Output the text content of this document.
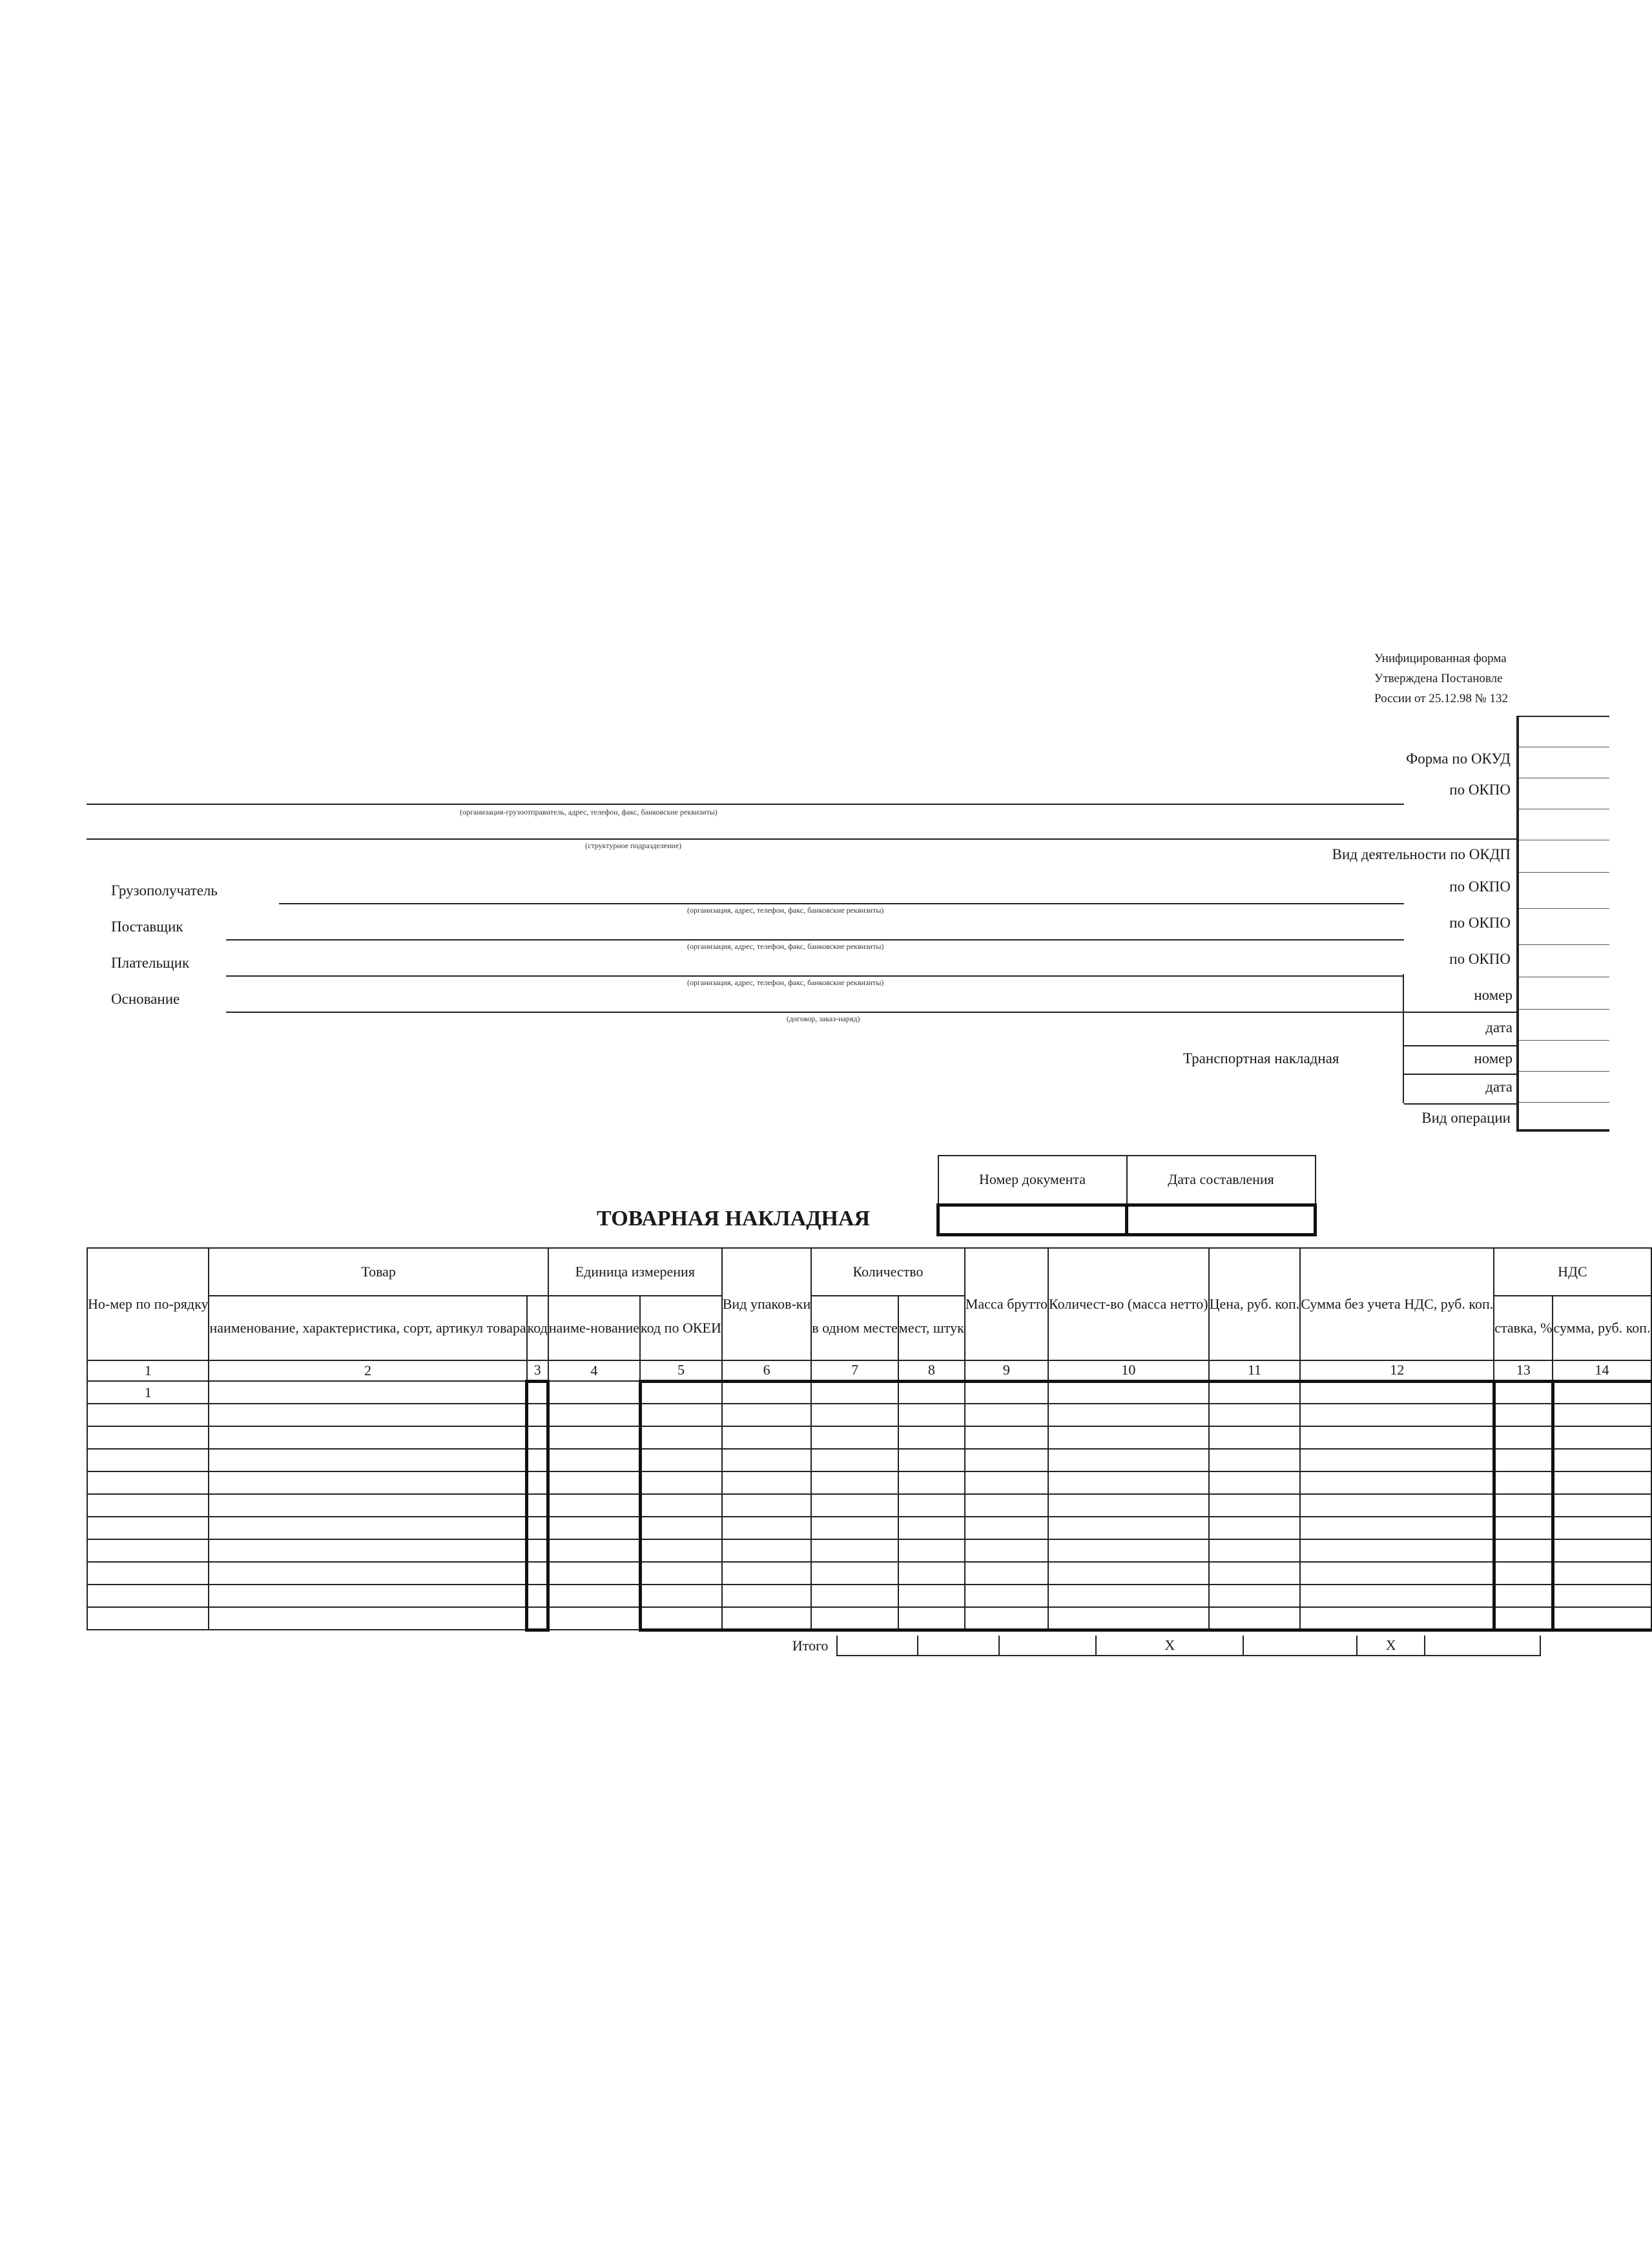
Унифицированная форма
Утверждена Постановле
России от 25.12.98 № 132
Форма по ОКУД
по ОКПО
Вид деятельности по ОКДП
по ОКПО
по ОКПО
по ОКПО
номер
дата
номер
дата
Транспортная накладная
Вид операции
(организация-грузоотправитель, адрес, телефон, факс, банковские реквизиты)
(структурное подразделение)
Грузополучатель
(организация, адрес, телефон, факс, банковские реквизиты)
Поставщик
(организация, адрес, телефон, факс, банковские реквизиты)
Плательщик
(организация, адрес, телефон, факс, банковские реквизиты)
Основание
(договор, заказ-наряд)
Номер документа	Дата составления

ТОВАРНАЯ НАКЛАДНАЯ
Но-мер по по-рядку	Товар		Единица измерения		Вид упаков-ки	Количество		Масса брутто	Количест-во (масса нетто)	Цена, руб. коп.	Сумма без учета НДС, руб. коп.	НДС	
	наименование, характеристика, сорт, артикул товара	код	наиме-нование	код по ОКЕИ		в одном месте	мест, штук					ставка, %	сумма, руб. коп.
1	2	3	4	5	6	7	8	9	10	11	12	13	14
1													

Итого				X		X	
